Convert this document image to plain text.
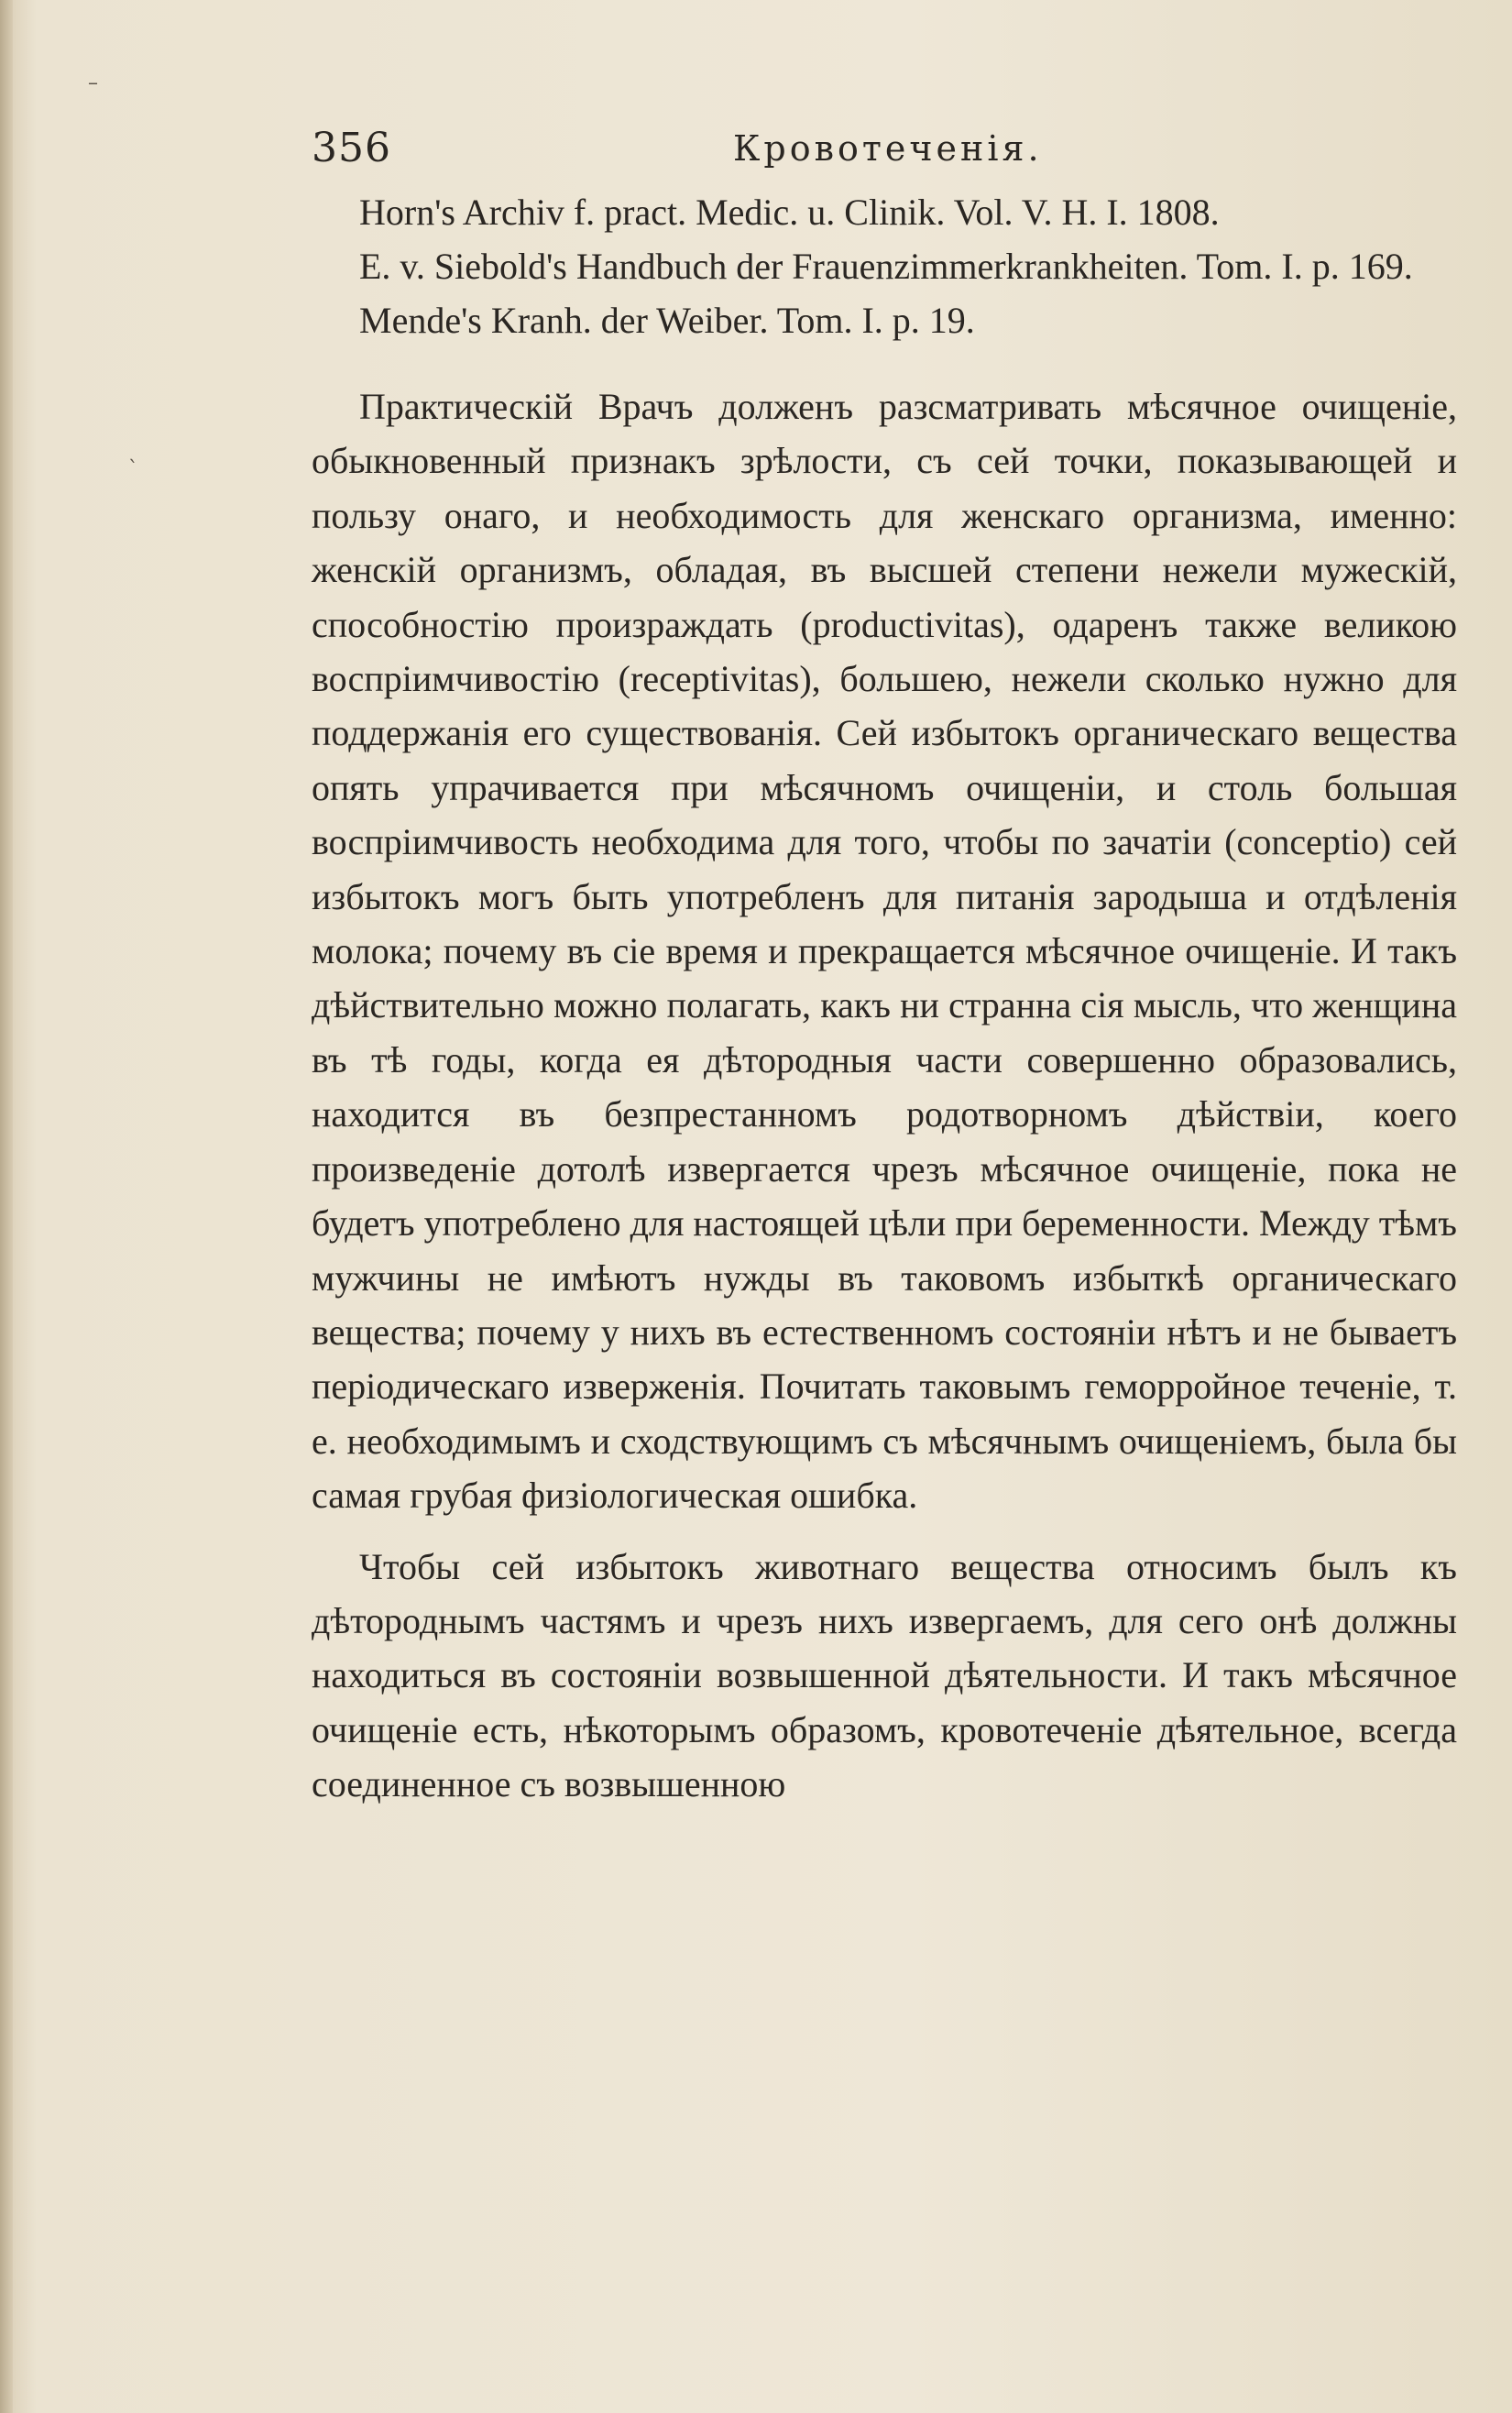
356	Кровотеченія.

Horn's Archiv f. pract. Medic. u. Clinik. Vol. V. H. I. 1808.

E. v. Siebold's Handbuch der Frauenzimmerkrankheiten. Tom. I. p. 169.

Mende's Kranh. der Weiber. Tom. I. p. 19.

Практическій Врачъ долженъ разсматривать мѣсячное очищеніе, обыкновенный признакъ зрѣлости, съ сей точки, показывающей и пользу онаго, и необходимость для женскаго организма, именно: женскій организмъ, обладая, въ высшей степени нежели мужескій, способностію произраждать (productivitas), одаренъ также великою воспріимчивостію (receptivitas), большею, нежели сколько нужно для поддержанія его существованія. Сей избытокъ органическаго вещества опять упрачивается при мѣсячномъ очищеніи, и столь большая воспріимчивость необходима для того, чтобы по зачатіи (conceptio) сей избытокъ могъ быть употребленъ для питанія зародыша и отдѣленія молока; почему въ сіе время и прекращается мѣсячное очищеніе. И такъ дѣйствительно можно полагать, какъ ни странна сія мысль, что женщина въ тѣ годы, когда ея дѣтородныя части совершенно образовались, находится въ безпрестанномъ родотворномъ дѣйствіи, коего произведеніе дотолѣ извергается чрезъ мѣсячное очищеніе, пока не будетъ употреблено для настоящей цѣли при беременности. Между тѣмъ мужчины не имѣютъ нужды въ таковомъ избыткѣ органическаго вещества; почему у нихъ въ естественномъ состояніи нѣтъ и не бываетъ періодическаго изверженія. Почитать таковымъ геморройное теченіе, т. е. необходимымъ и сходствующимъ съ мѣсячнымъ очищеніемъ, была бы самая грубая физіологическая ошибка.

Чтобы сей избытокъ животнаго вещества относимъ былъ къ дѣтороднымъ частямъ и чрезъ нихъ извергаемъ, для сего онѣ должны находиться въ состояніи возвышенной дѣятельности. И такъ мѣсячное очищеніе есть, нѣкоторымъ образомъ, кровотеченіе дѣятельное, всегда соединенное съ возвышенною

–
ˋ
